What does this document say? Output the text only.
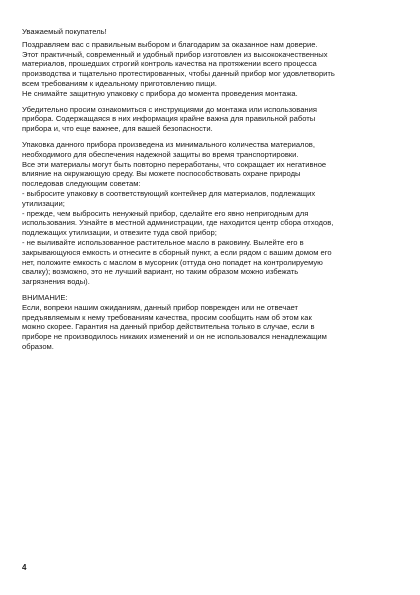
Уважаемый покупатель!

Поздравляем вас с правильным выбором и благодарим за оказанное нам доверие.
Этот практичный, современный и удобный прибор изготовлен из высококачественных
материалов, прошедших строгий контроль качества на протяжении всего процесса
производства и тщательно протестированных, чтобы данный прибор мог удовлетворить
всем требованиям к идеальному приготовлению пищи.
Не снимайте защитную упаковку с прибора до момента проведения монтажа.
Убедительно просим ознакомиться с инструкциями до монтажа или использования
прибора. Содержащаяся в них информация крайне важна для правильной работы
прибора и, что еще важнее, для вашей безопасности.
Упаковка данного прибора произведена из минимального количества материалов,
необходимого для обеспечения надежной защиты во время транспортировки.
Все эти материалы могут быть повторно переработаны, что сокращает их негативное
влияние на окружающую среду. Вы можете поспособствовать охране природы
последовав следующим советам:
- выбросите упаковку в соответствующий контейнер для материалов, подлежащих
утилизации;
- прежде, чем выбросить ненужный прибор, сделайте его явно непригодным для
использования. Узнайте в местной администрации, где находится центр сбора отходов,
подлежащих утилизации, и отвезите туда свой прибор;
- не выливайте использованное растительное масло в раковину. Вылейте его в
закрывающуюся емкость и отнесите в сборный пункт, а если рядом с вашим домом его
нет, положите емкость с маслом в мусорник (оттуда оно попадет на контролируемую
свалку); возможно, это не лучший вариант, но таким образом можно избежать
загрязнения воды).

ВНИМАНИЕ:

Если, вопреки нашим ожиданиям, данный прибор поврежден или не отвечает
предъявляемым к нему требованиям качества, просим сообщить нам об этом как
можно скорее. Гарантия на данный прибор действительна только в случае, если в
приборе не производилось никаких изменений и он не использовался ненадлежащим
образом.
4
